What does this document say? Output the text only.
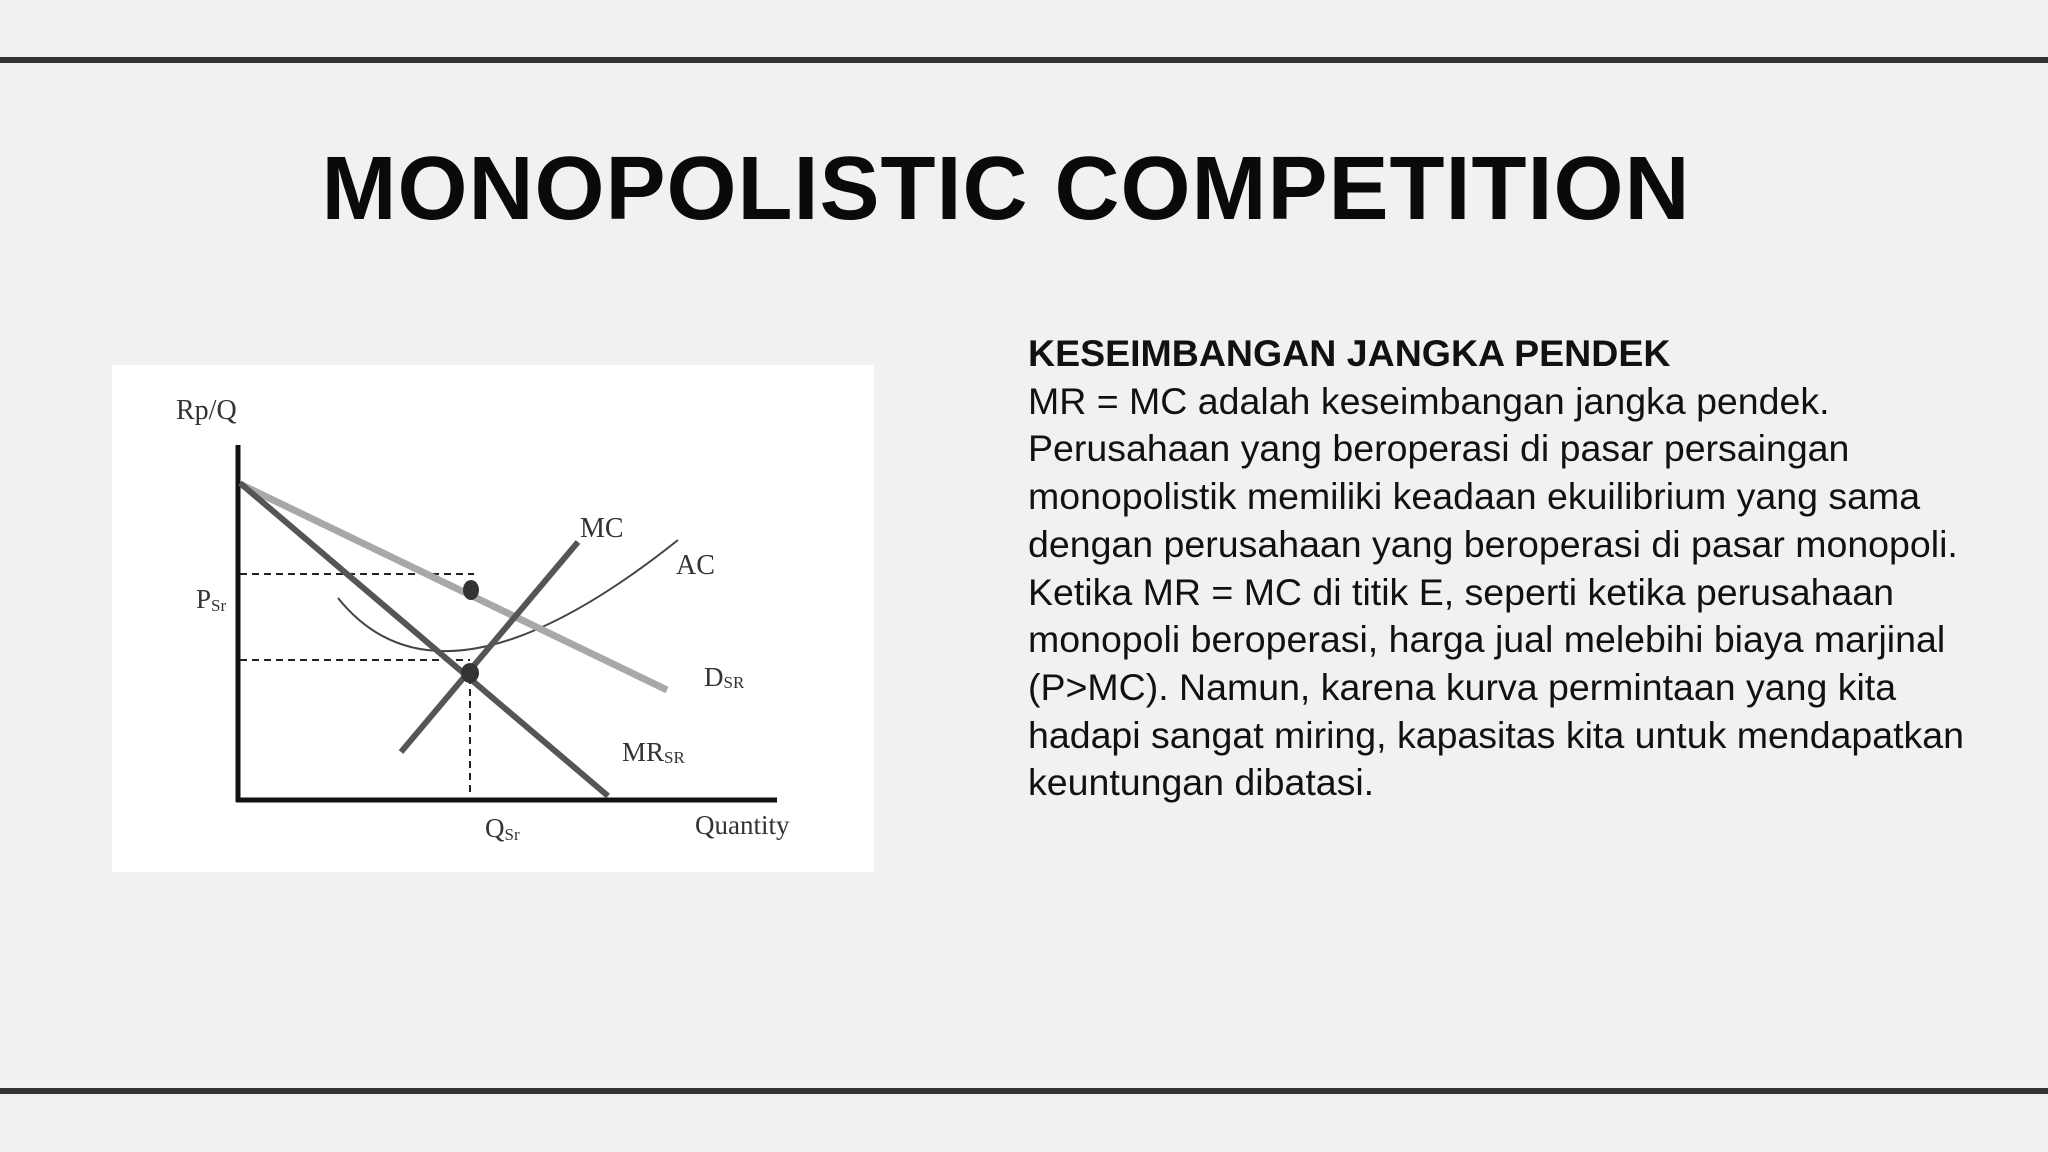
MONOPOLISTIC COMPETITION
Rp/Q
Quantity
PSr
QSr
MC
AC
DSR
MRSR
KESEIMBANGAN JANGKA PENDEK

MR = MC adalah keseimbangan jangka pendek. Perusahaan yang beroperasi di pasar persaingan monopolistik memiliki keadaan ekuilibrium yang sama dengan perusahaan yang beroperasi di pasar monopoli. Ketika MR = MC di titik E, seperti ketika perusahaan monopoli beroperasi, harga jual melebihi biaya marjinal (P>MC). Namun, karena kurva permintaan yang kita hadapi sangat miring, kapasitas kita untuk mendapatkan keuntungan dibatasi.
